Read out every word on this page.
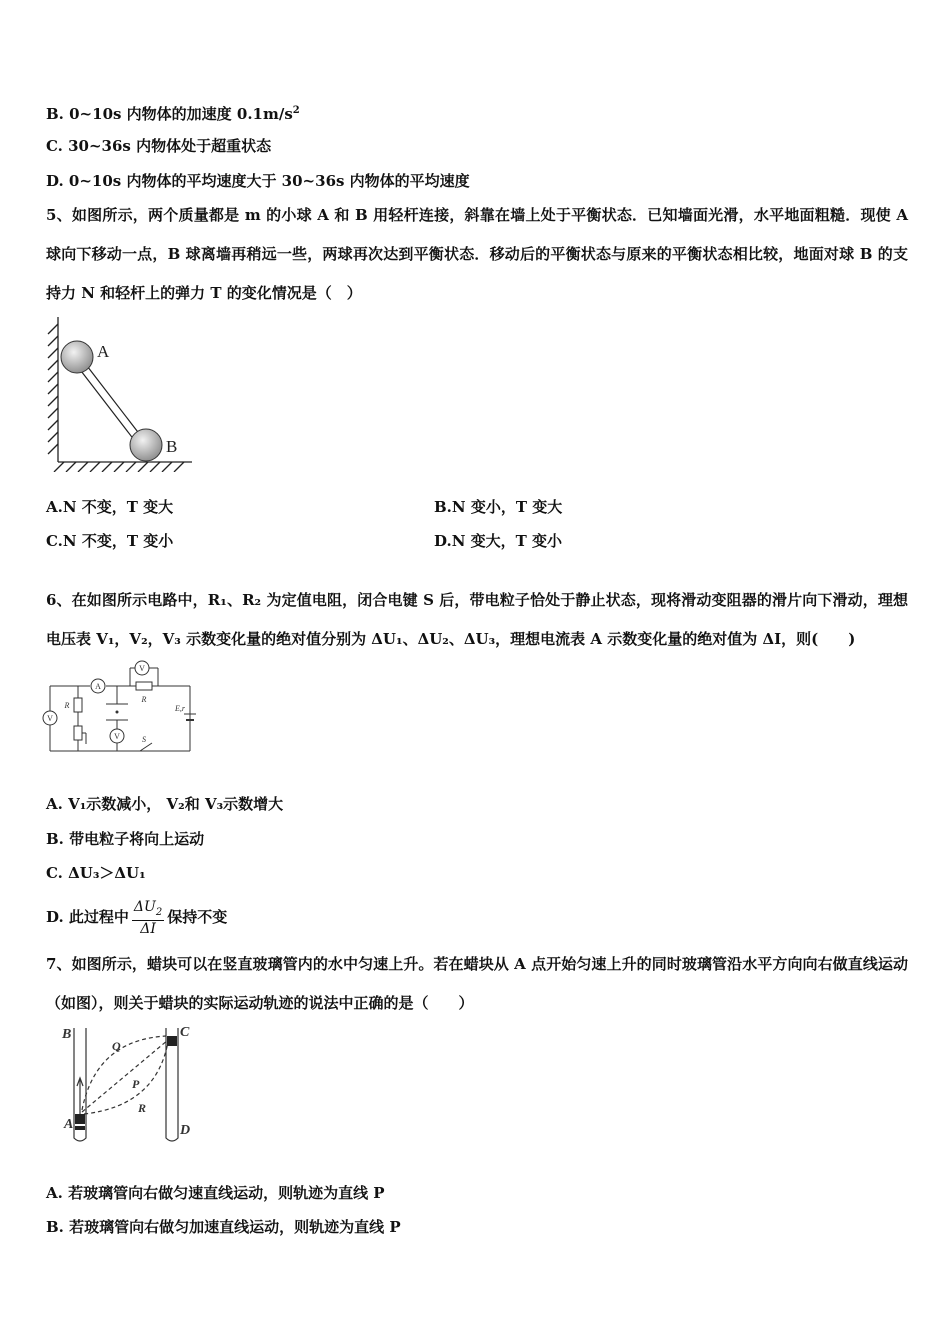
B. 0~10s 内物体的加速度 $0.1m/s^2$
C. 30~36s 内物体处于超重状态
D. 0~10s 内物体的平均速度大于 30~36s 内物体的平均速度
5、如图所示，两个质量都是 m 的小球 A 和 B 用轻杆连接，斜靠在墙上处于平衡状态．已知墙面光滑，水平地面粗糙．现使 A 球向下移动一点，B 球离墙再稍远一些，两球再次达到平衡状态．移动后的平衡状态与原来的平衡状态相比较，地面对球 B 的支持力 N 和轻杆上的弹力 T 的变化情况是（　）
A
B
A.N 不变，T 变大	B.N 变小，T 变大
C.N 不变，T 变小	D.N 变大，T 变小
6、在如图所示电路中，R₁、R₂ 为定值电阻，闭合电键 S 后，带电粒子恰处于静止状态，现将滑动变阻器的滑片向下滑动，理想电压表 V₁，V₂，V₃ 示数变化量的绝对值分别为 ΔU₁、ΔU₂、ΔU₃，理想电流表 A 示数变化量的绝对值为 ΔI，则(　　)
V
A
V
V
R
R	E,r
S
A. V₁示数减小， V₂和 V₃示数增大
B. 带电粒子将向上运动
C. ΔU₃＞ΔU₁
D. 此过程中 $\frac{\Delta U_2}{\Delta I}$ 保持不变
7、如图所示，蜡块可以在竖直玻璃管内的水中匀速上升。若在蜡块从 A 点开始匀速上升的同时玻璃管沿水平方向向右做直线运动（如图），则关于蜡块的实际运动轨迹的说法中正确的是（　　）
B
A
C
D
Q
P
R
A. 若玻璃管向右做匀速直线运动，则轨迹为直线 P
B. 若玻璃管向右做匀加速直线运动，则轨迹为直线 P
